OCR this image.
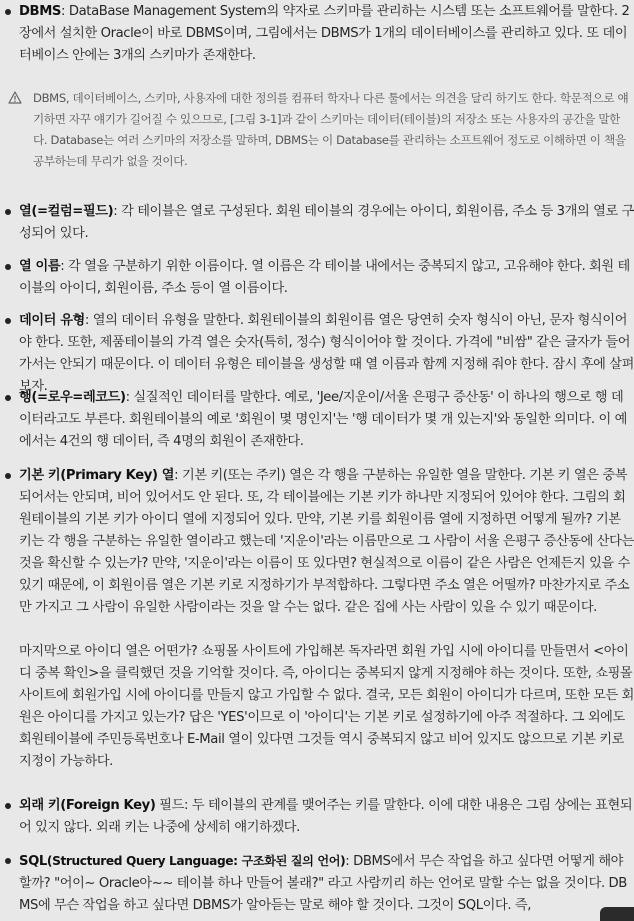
DBMS: DataBase Management System의 약자로 스키마를 관리하는 시스템 또는 소프트웨어를 말한다. 2장에서 설치한 Oracle이 바로 DBMS이며, 그림에서는 DBMS가 1개의 데이터베이스를 관리하고 있다. 또 데이터베이스 안에는 3개의 스키마가 존재한다.
DBMS, 데이터베이스, 스키마, 사용자에 대한 정의를 컴퓨터 학자나 다른 툴에서는 의견을 달리 하기도 한다. 학문적으로 얘기하면 자꾸 얘기가 길어질 수 있으므로, [그림 3-1]과 같이 스키마는 데이터(테이블)의 저장소 또는 사용자의 공간을 말한다. Database는 여러 스키마의 저장소를 말하며, DBMS는 이 Database를 관리하는 소프트웨어 정도로 이해하면 이 책을 공부하는데 무리가 없을 것이다.
열(=컬럼=필드): 각 테이블은 열로 구성된다. 회원 테이블의 경우에는 아이디, 회원이름, 주소 등 3개의 열로 구성되어 있다.
열 이름: 각 열을 구분하기 위한 이름이다. 열 이름은 각 테이블 내에서는 중복되지 않고, 고유해야 한다. 회원 테이블의 아이디, 회원이름, 주소 등이 열 이름이다.
데이터 유형: 열의 데이터 유형을 말한다. 회원테이블의 회원이름 열은 당연히 숫자 형식이 아닌, 문자 형식이어야 한다. 또한, 제품테이블의 가격 열은 숫자(특히, 정수) 형식이어야 할 것이다. 가격에 "비쌈" 같은 글자가 들어가서는 안되기 때문이다. 이 데이터 유형은 테이블을 생성할 때 열 이름과 함께 지정해 줘야 한다. 잠시 후에 살펴보자.
행(=로우=레코드): 실질적인 데이터를 말한다. 예로, 'Jee/지운이/서울 은평구 증산동' 이 하나의 행으로 행 데이터라고도 부른다. 회원테이블의 예로 '회원이 몇 명인지'는 '행 데이터가 몇 개 있는지'와 동일한 의미다. 이 예에서는 4건의 행 데이터, 즉 4명의 회원이 존재한다.
기본 키(Primary Key) 열: 기본 키(또는 주키) 열은 각 행을 구분하는 유일한 열을 말한다. 기본 키 열은 중복되어서는 안되며, 비어 있어서도 안 된다. 또, 각 테이블에는 기본 키가 하나만 지정되어 있어야 한다. 그림의 회원테이블의 기본 키가 아이디 열에 지정되어 있다. 만약, 기본 키를 회원이름 열에 지정하면 어떻게 될까? 기본 키는 각 행을 구분하는 유일한 열이라고 했는데 '지운이'라는 이름만으로 그 사람이 서울 은평구 증산동에 산다는 것을 확신할 수 있는가? 만약, '지운이'라는 이름이 또 있다면? 현실적으로 이름이 같은 사람은 언제든지 있을 수 있기 때문에, 이 회원이름 열은 기본 키로 지정하기가 부적합하다. 그렇다면 주소 열은 어떨까? 마찬가지로 주소만 가지고 그 사람이 유일한 사람이라는 것을 알 수는 없다. 같은 집에 사는 사람이 있을 수 있기 때문이다.
마지막으로 아이디 열은 어떤가? 쇼핑몰 사이트에 가입해본 독자라면 회원 가입 시에 아이디를 만들면서 <아이디 중복 확인>을 클릭했던 것을 기억할 것이다. 즉, 아이디는 중복되지 않게 지정해야 하는 것이다. 또한, 쇼핑몰 사이트에 회원가입 시에 아이디를 만들지 않고 가입할 수 없다. 결국, 모든 회원이 아이디가 다르며, 또한 모든 회원은 아이디를 가지고 있는가? 답은 'YES'이므로 이 '아이디'는 기본 키로 설정하기에 아주 적절하다. 그 외에도 회원테이블에 주민등록번호나 E-Mail 열이 있다면 그것들 역시 중복되지 않고 비어 있지도 않으므로 기본 키로 지정이 가능하다.
외래 키(Foreign Key) 필드: 두 테이블의 관계를 맺어주는 키를 말한다. 이에 대한 내용은 그림 상에는 표현되어 있지 않다. 외래 키는 나중에 상세히 얘기하겠다.
SQL(Structured Query Language: 구조화된 질의 언어): DBMS에서 무슨 작업을 하고 싶다면 어떻게 해야 할까? "어이~ Oracle아~~ 테이블 하나 만들어 볼래?" 라고 사람끼리 하는 언어로 말할 수는 없을 것이다. DBMS에 무슨 작업을 하고 싶다면 DBMS가 알아듣는 말로 해야 할 것이다. 그것이 SQL이다. 즉,
